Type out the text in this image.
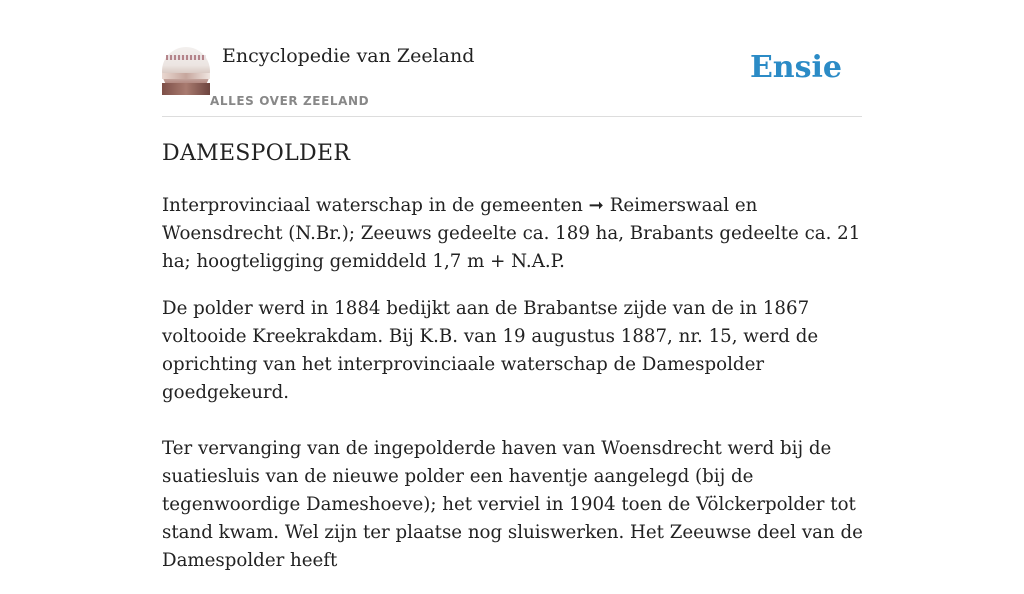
Encyclopedie van Zeeland
ALLES OVER ZEELAND
Ensie
DAMESPOLDER

Interprovinciaal waterschap in de gemeenten ➞ Reimerswaal en Woensdrecht (N.Br.); Zeeuws gedeelte ca. 189 ha, Brabants gedeelte ca. 21 ha; hoogteligging gemiddeld 1,7 m + N.A.P.

De polder werd in 1884 bedijkt aan de Brabantse zijde van de in 1867 voltooide Kreekrakdam. Bij K.B. van 19 augustus 1887, nr. 15, werd de oprichting van het interprovinciaale waterschap de Damespolder goedgekeurd.

Ter vervanging van de ingepolderde haven van Woensdrecht werd bij de suatiesluis van de nieuwe polder een haventje aangelegd (bij de tegenwoordige Dameshoeve); het verviel in 1904 toen de Völckerpolder tot stand kwam. Wel zijn ter plaatse nog sluiswerken. Het Zeeuwse deel van de Damespolder heeft
